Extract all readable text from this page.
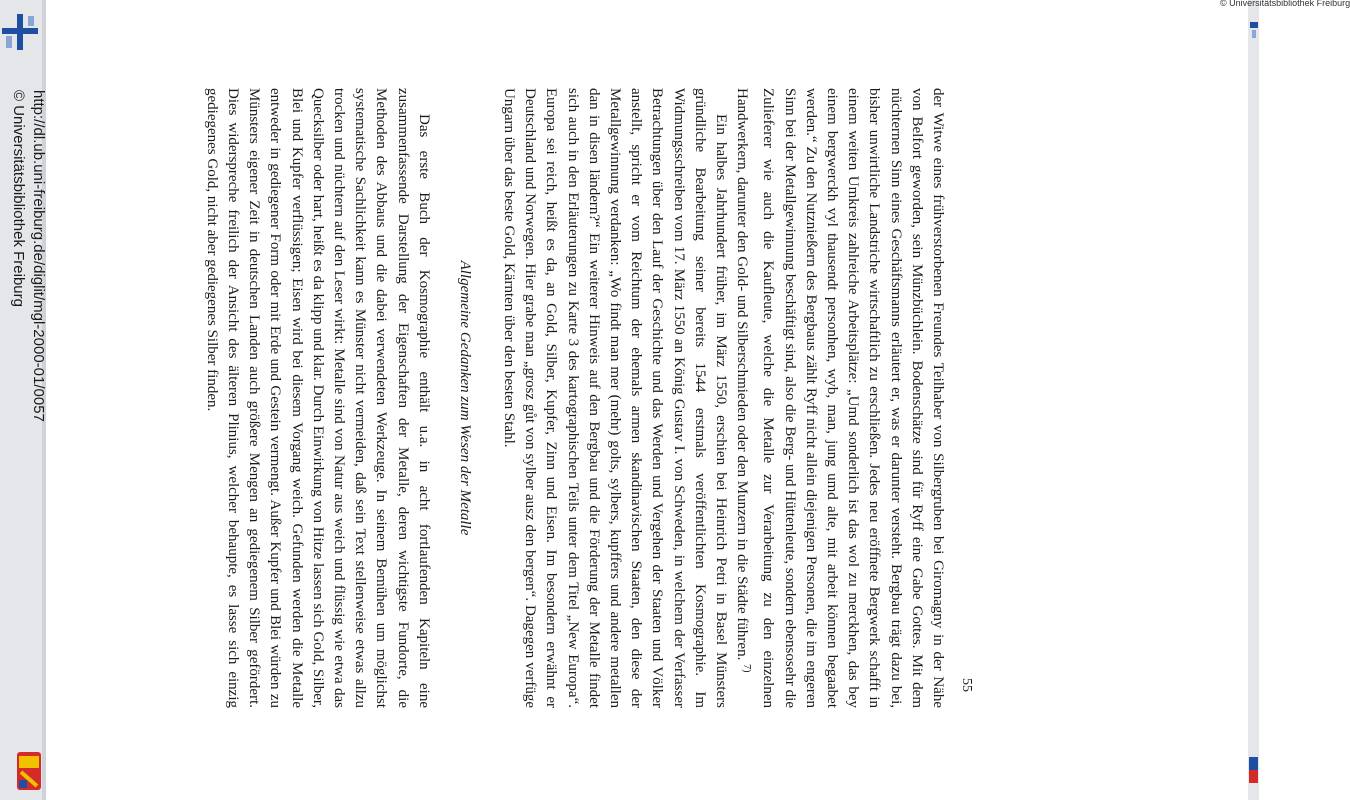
© Universitätsbibliothek Freiburg
55

der Witwe eines frühverstorbenen Freundes Teilhaber von Silbergruben bei Giromagny in der Nähe von Belfort geworden, sein Münzbüchlein. Bodenschätze sind für Ryff eine Gabe Gottes. Mit dem nüchternen Sinn eines Geschäftsmanns erläutert er, was er darunter versteht. Bergbau trägt dazu bei, bisher unwirtliche Landstriche wirtschaftlich zu erschließen. Jedes neu eröffnete Bergwerk schafft in einem weiten Umkreis zahlreiche Arbeitsplätze: „Umd sonderlich ist das wol zu merckhen, das bey einem bergwerckh vyl thausendt personhen, wyb, man, jung umd alte, mit arbeit können begaabet werden.“ Zu den Nutznießern des Bergbaus zählt Ryff nicht allein diejenigen Personen, die im engeren Sinn bei der Metallgewinnung beschäftigt sind, also die Berg- und Hüttenleute, sondern ebensosehr die Zulieferer wie auch die Kaufleute, welche die Metalle zur Verarbeitung zu den einzelnen Handwerkern, darunter den Gold- und Silberschmieden oder den Munzern in die Städte führen. $^{7)}$

Ein halbes Jahrhundert früher, im März 1550, erschien bei Heinrich Petri in Basel Münsters gründliche Bearbeitung seiner bereits 1544 erstmals veröffentlichten Kosmographie. Im Widmungsschreiben vom 17. März 1550 an König Gustav I. von Schweden, in welchem der Verfasser Betrachtungen über den Lauf der Geschichte und das Werden und Vergehen der Staaten und Völker anstellt, spricht er vom Reichtum der ehemals armen skandinavischen Staaten, den diese der Metallgewinnung verdanken: „Wo findt man mer (mehr) golts, sylbers, kupffers und andere metallen dan in disen ländern?“ Ein weiterer Hinweis auf den Bergbau und die Förderung der Metalle findet sich auch in den Erläuterungen zu Karte 3 des kartographischen Teils unter dem Titel „New Europa“. Europa sei reich, heißt es da, an Gold, Silber, Kupfer, Zinn und Eisen. Im besondern erwähnt er Deutschland und Norwegen. Hier grabe man „grosz gůt von sylber ausz den bergen“. Dagegen verfüge Ungarn über das beste Gold, Kärnten über den besten Stahl.

Allgemeine Gedanken zum Wesen der Metalle

Das erste Buch der Kosmographie enthält u.a. in acht fortlaufenden Kapiteln eine zusammenfassende Darstellung der Eigenschaften der Metalle, deren wichtigste Fundorte, die Methoden des Abbaus und die dabei verwendeten Werkzeuge. In seinem Bemühen um möglichst systematische Sachlichkeit kann es Münster nicht vermeiden, daß sein Text stellenweise etwas allzu trocken und nüchtern auf den Leser wirkt: Metalle sind von Natur aus weich und flüssig wie etwa das Quecksilber oder hart, heißt es da klipp und klar. Durch Einwirkung von Hitze lassen sich Gold, Silber, Blei und Kupfer verflüssigen; Eisen wird bei diesem Vorgang weich. Gefunden werden die Metalle entweder in gediegener Form oder mit Erde und Gestein vermengt. Außer Kupfer und Blei würden zu Münsters eigener Zeit in deutschen Landen auch größere Mengen an gediegenem Silber gefördert. Dies widerspreche freilich der Ansicht des älteren Plinius, welcher behaupte, es lasse sich einzig gediegenes Gold, nicht aber gediegenes Silber finden.

http://dl.ub.uni-freiburg.de/diglit/mgl-2000-01/0057
© Universitätsbibliothek Freiburg
